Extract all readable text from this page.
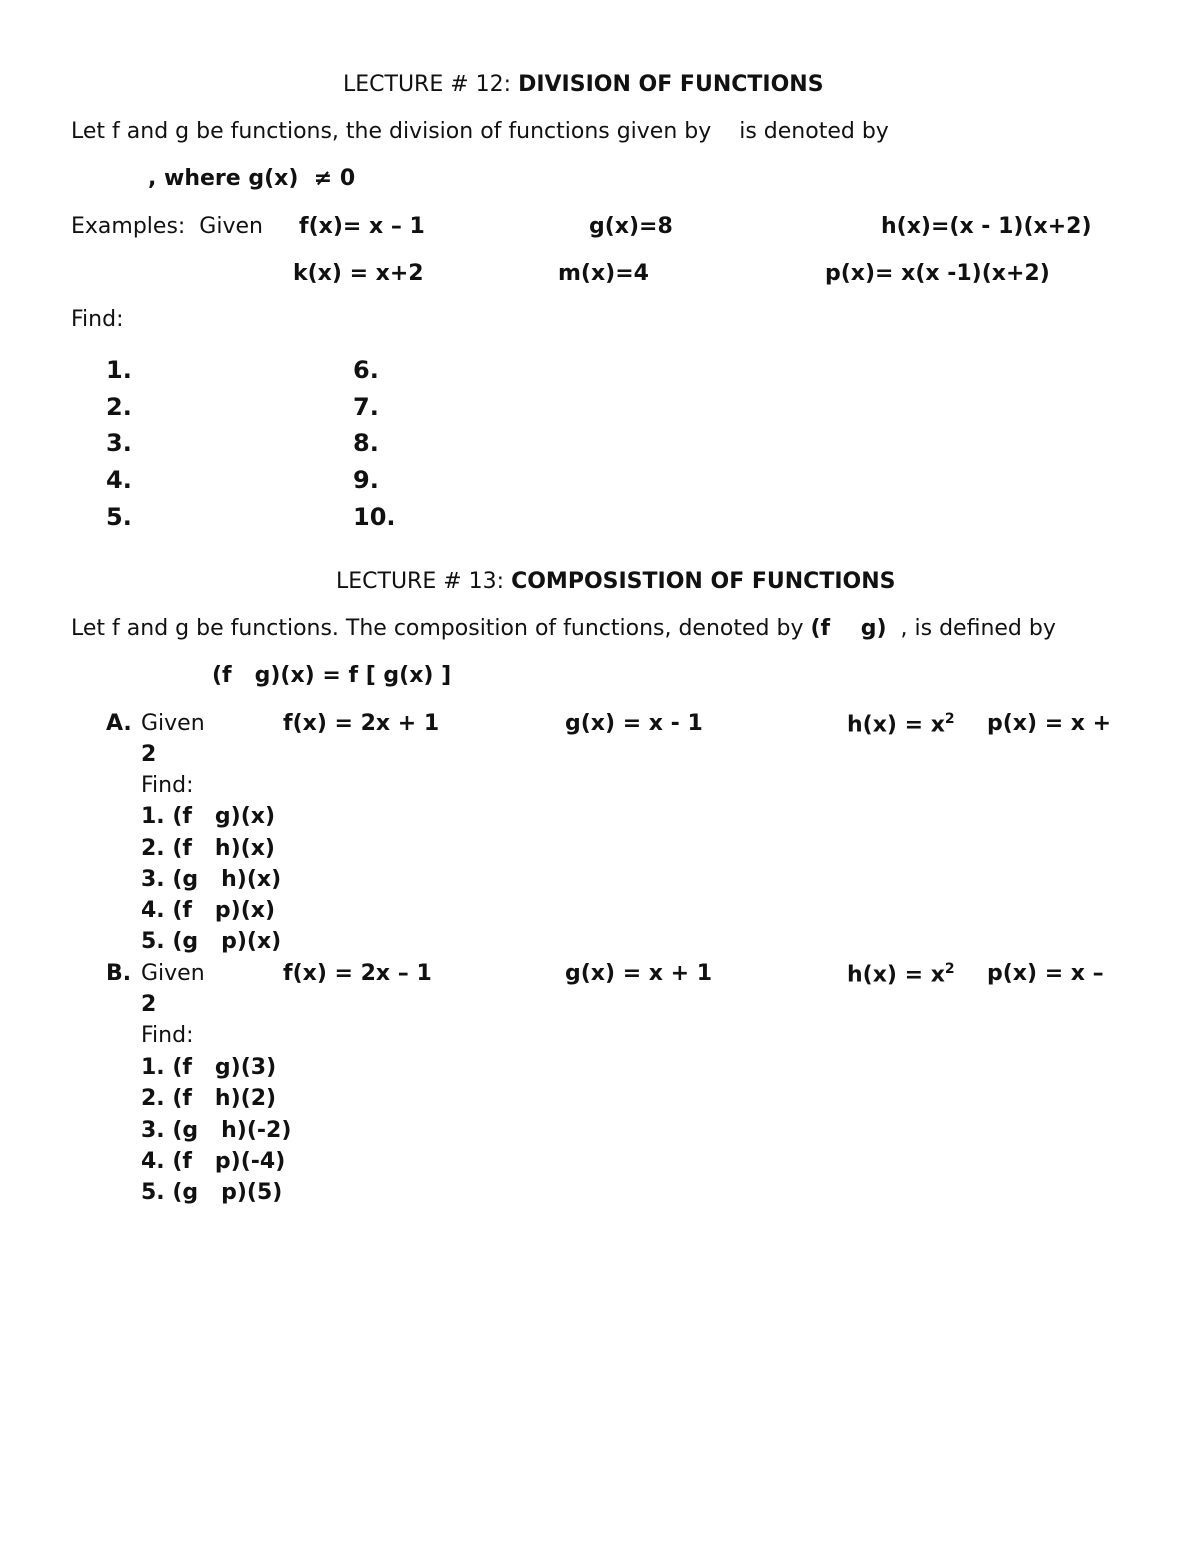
LECTURE # 12: DIVISION OF FUNCTIONS
Let f and g be functions, the division of functions given by    is denoted by
, where g(x)  ≠ 0
Examples:  Given f(x)= x – 1	g(x)=8	h(x)=(x - 1)(x+2)
k(x) = x+2	m(x)=4	p(x)= x(x -1)(x+2)
Find:
1.
2.
3.
4.
5.
6.
7.
8.
9.
10.
LECTURE # 13: COMPOSISTION OF FUNCTIONS
Let f and g be functions. The composition of functions, denoted by (f    g)  , is defined by
(f   g)(x) = f [ g(x) ]
A. Given	f(x) = 2x + 1	g(x) = x - 1	$h(x) = x^2$ p(x) = x +
2
Find:
1. (f   g)(x)
2. (f   h)(x)
3. (g   h)(x)
4. (f   p)(x)
5. (g   p)(x)
B. Given	f(x) = 2x – 1	g(x) = x + 1	$h(x) = x^2$ p(x) = x –
2
Find:
1. (f   g)(3)
2. (f   h)(2)
3. (g   h)(-2)
4. (f   p)(-4)
5. (g   p)(5)
